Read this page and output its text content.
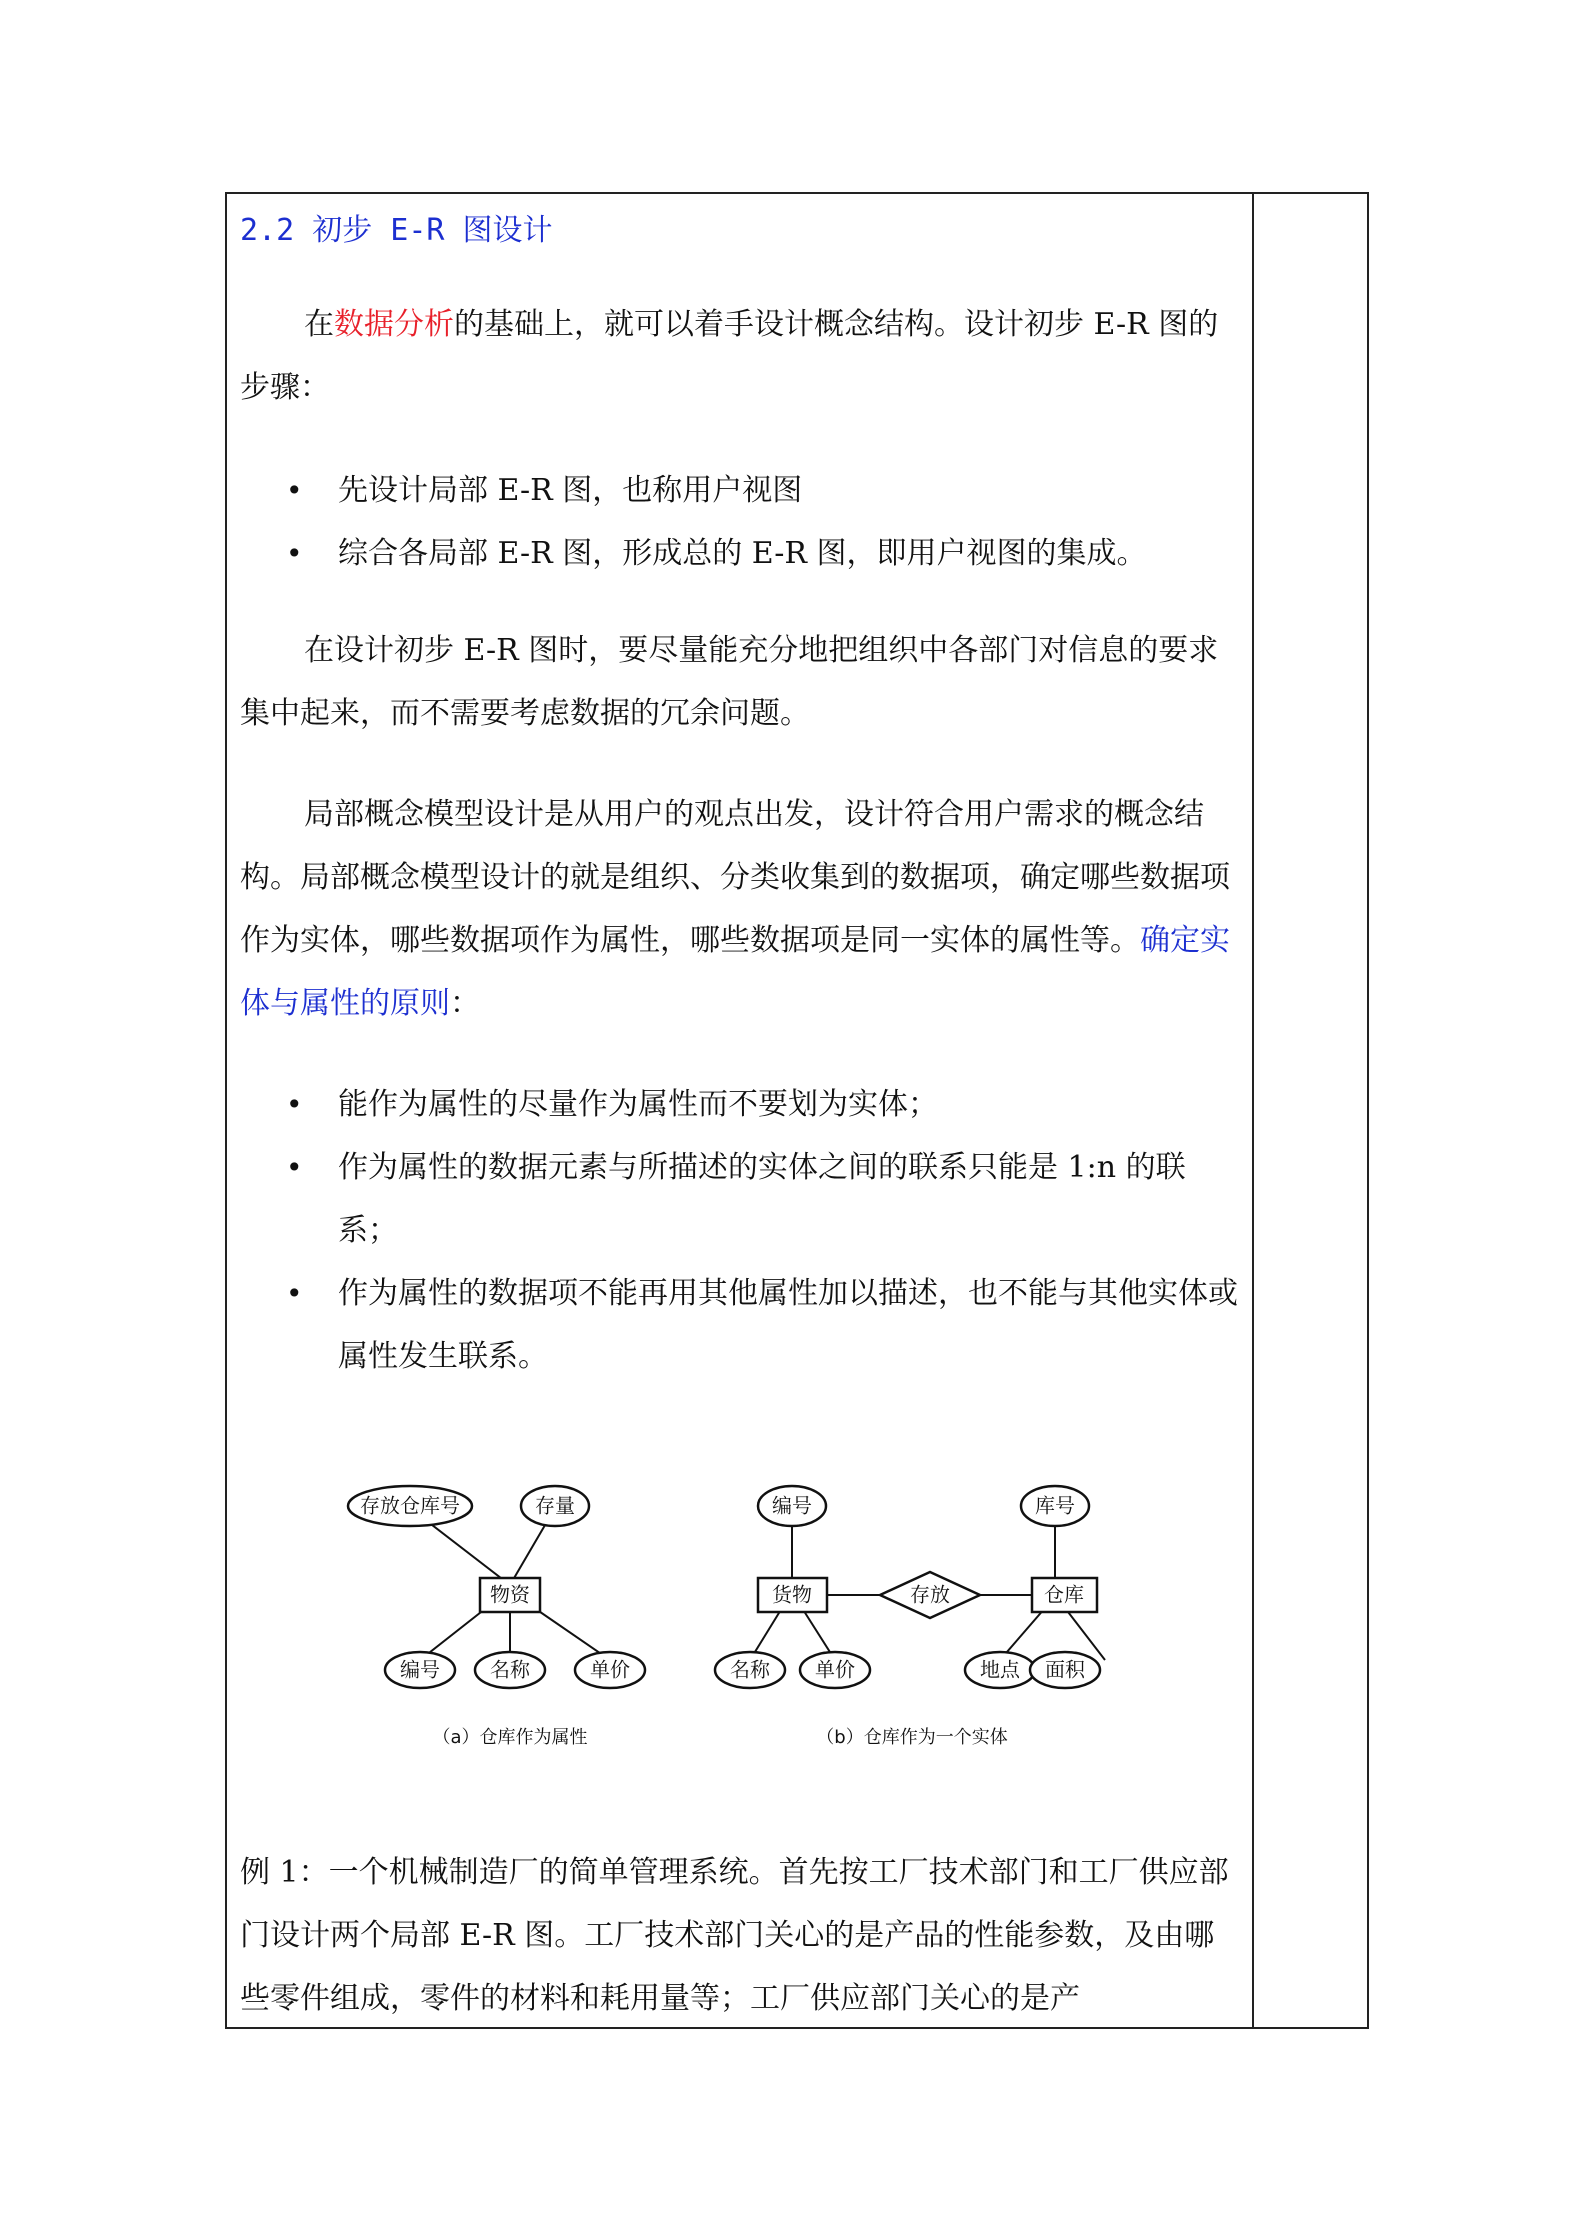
2.2 初步 E-R 图设计

在数据分析的基础上，就可以着手设计概念结构。设计初步 E-R 图的步骤：

• 先设计局部 E-R 图，也称用户视图
• 综合各局部 E-R 图，形成总的 E-R 图，即用户视图的集成。

在设计初步 E-R 图时，要尽量能充分地把组织中各部门对信息的要求集中起来，而不需要考虑数据的冗余问题。

局部概念模型设计是从用户的观点出发，设计符合用户需求的概念结构。局部概念模型设计的就是组织、分类收集到的数据项，确定哪些数据项作为实体，哪些数据项作为属性，哪些数据项是同一实体的属性等。确定实体与属性的原则：

• 能作为属性的尽量作为属性而不要划为实体；
• 作为属性的数据元素与所描述的实体之间的联系只能是 1:n 的联系；
• 作为属性的数据项不能再用其他属性加以描述，也不能与其他实体或属性发生联系。

例 1：一个机械制造厂的简单管理系统。首先按工厂技术部门和工厂供应部门设计两个局部 E-R 图。工厂技术部门关心的是产品的性能参数，及由哪些零件组成，零件的材料和耗用量等；工厂供应部门关心的是产

存放仓库号	存量
物资
编号	名称	单价
（a）仓库作为属性
编号	库号
货物	存放	仓库
名称 单价	地点 面积
（b）仓库作为一个实体
